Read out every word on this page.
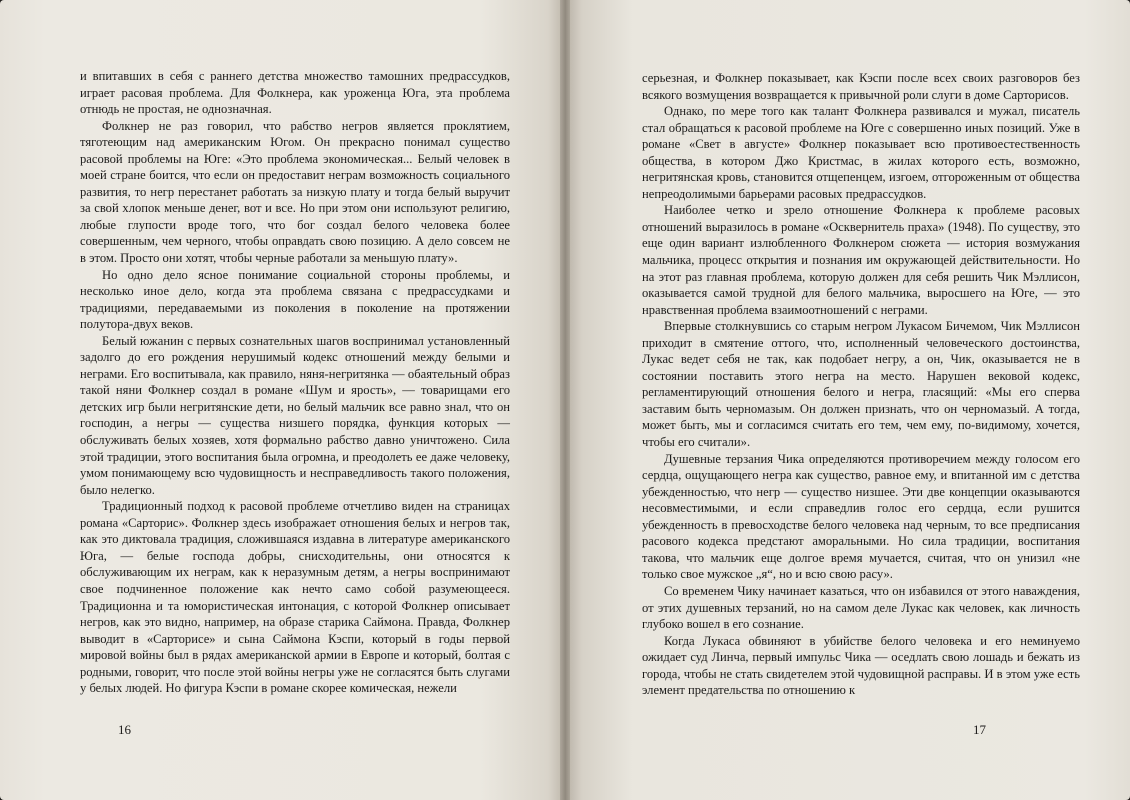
и впитавших в себя с раннего детства множество тамошних предрассудков, играет расовая проблема. Для Фолкнера, как уроженца Юга, эта проблема отнюдь не простая, не однозначная.

Фолкнер не раз говорил, что рабство негров является проклятием, тяготеющим над американским Югом. Он прекрасно понимал существо расовой проблемы на Юге: «Это проблема экономическая... Белый человек в моей стране боится, что если он предоставит неграм возможность социального развития, то негр перестанет работать за низкую плату и тогда белый выручит за свой хлопок меньше денег, вот и все. Но при этом они используют религию, любые глупости вроде того, что бог создал белого человека более совершенным, чем черного, чтобы оправдать свою позицию. А дело совсем не в этом. Просто они хотят, чтобы черные работали за меньшую плату».

Но одно дело ясное понимание социальной стороны проблемы, и несколько иное дело, когда эта проблема связана с предрассудками и традициями, передаваемыми из поколения в поколение на протяжении полутора-двух веков.

Белый южанин с первых сознательных шагов воспринимал установленный задолго до его рождения нерушимый кодекс отношений между белыми и неграми. Его воспитывала, как правило, няня-негритянка — обаятельный образ такой няни Фолкнер создал в романе «Шум и ярость», — товарищами его детских игр были негритянские дети, но белый мальчик все равно знал, что он господин, а негры — существа низшего порядка, функция которых — обслуживать белых хозяев, хотя формально рабство давно уничтожено. Сила этой традиции, этого воспитания была огромна, и преодолеть ее даже человеку, умом понимающему всю чудовищность и несправедливость такого положения, было нелегко.

Традиционный подход к расовой проблеме отчетливо виден на страницах романа «Сарторис». Фолкнер здесь изображает отношения белых и негров так, как это диктовала традиция, сложившаяся издавна в литературе американского Юга, — белые господа добры, снисходительны, они относятся к обслуживающим их неграм, как к неразумным детям, а негры воспринимают свое подчиненное положение как нечто само собой разумеющееся. Традиционна и та юмористическая интонация, с которой Фолкнер описывает негров, как это видно, например, на образе старика Саймона. Правда, Фолкнер выводит в «Сарторисе» и сына Саймона Кэспи, который в годы первой мировой войны был в рядах американской армии в Европе и который, болтая с родными, говорит, что после этой войны негры уже не согласятся быть слугами у белых людей. Но фигура Кэспи в романе скорее комическая, нежели

16

серьезная, и Фолкнер показывает, как Кэспи после всех своих разговоров без всякого возмущения возвращается к привычной роли слуги в доме Сарторисов.

Однако, по мере того как талант Фолкнера развивался и мужал, писатель стал обращаться к расовой проблеме на Юге с совершенно иных позиций. Уже в романе «Свет в августе» Фолкнер показывает всю противоестественность общества, в котором Джо Кристмас, в жилах которого есть, возможно, негритянская кровь, становится отщепенцем, изгоем, отгороженным от общества непреодолимыми барьерами расовых предрассудков.

Наиболее четко и зрело отношение Фолкнера к проблеме расовых отношений выразилось в романе «Осквернитель праха» (1948). По существу, это еще один вариант излюбленного Фолкнером сюжета — история возмужания мальчика, процесс открытия и познания им окружающей действительности. Но на этот раз главная проблема, которую должен для себя решить Чик Мэллисон, оказывается самой трудной для белого мальчика, выросшего на Юге, — это нравственная проблема взаимоотношений с неграми.

Впервые столкнувшись со старым негром Лукасом Бичемом, Чик Мэллисон приходит в смятение оттого, что, исполненный человеческого достоинства, Лукас ведет себя не так, как подобает негру, а он, Чик, оказывается не в состоянии поставить этого негра на место. Нарушен вековой кодекс, регламентирующий отношения белого и негра, гласящий: «Мы его сперва заставим быть черномазым. Он должен признать, что он черномазый. А тогда, может быть, мы и согласимся считать его тем, чем ему, по-видимому, хочется, чтобы его считали».

Душевные терзания Чика определяются противоречием между голосом его сердца, ощущающего негра как существо, равное ему, и впитанной им с детства убежденностью, что негр — существо низшее. Эти две концепции оказываются несовместимыми, и если справедлив голос его сердца, если рушится убежденность в превосходстве белого человека над черным, то все предписания расового кодекса предстают аморальными. Но сила традиции, воспитания такова, что мальчик еще долгое время мучается, считая, что он унизил «не только свое мужское „я“, но и всю свою расу».

Со временем Чику начинает казаться, что он избавился от этого наваждения, от этих душевных терзаний, но на самом деле Лукас как человек, как личность глубоко вошел в его сознание.

Когда Лукаса обвиняют в убийстве белого человека и его неминуемо ожидает суд Линча, первый импульс Чика — оседлать свою лошадь и бежать из города, чтобы не стать свидетелем этой чудовищной расправы. И в этом уже есть элемент предательства по отношению к

17
